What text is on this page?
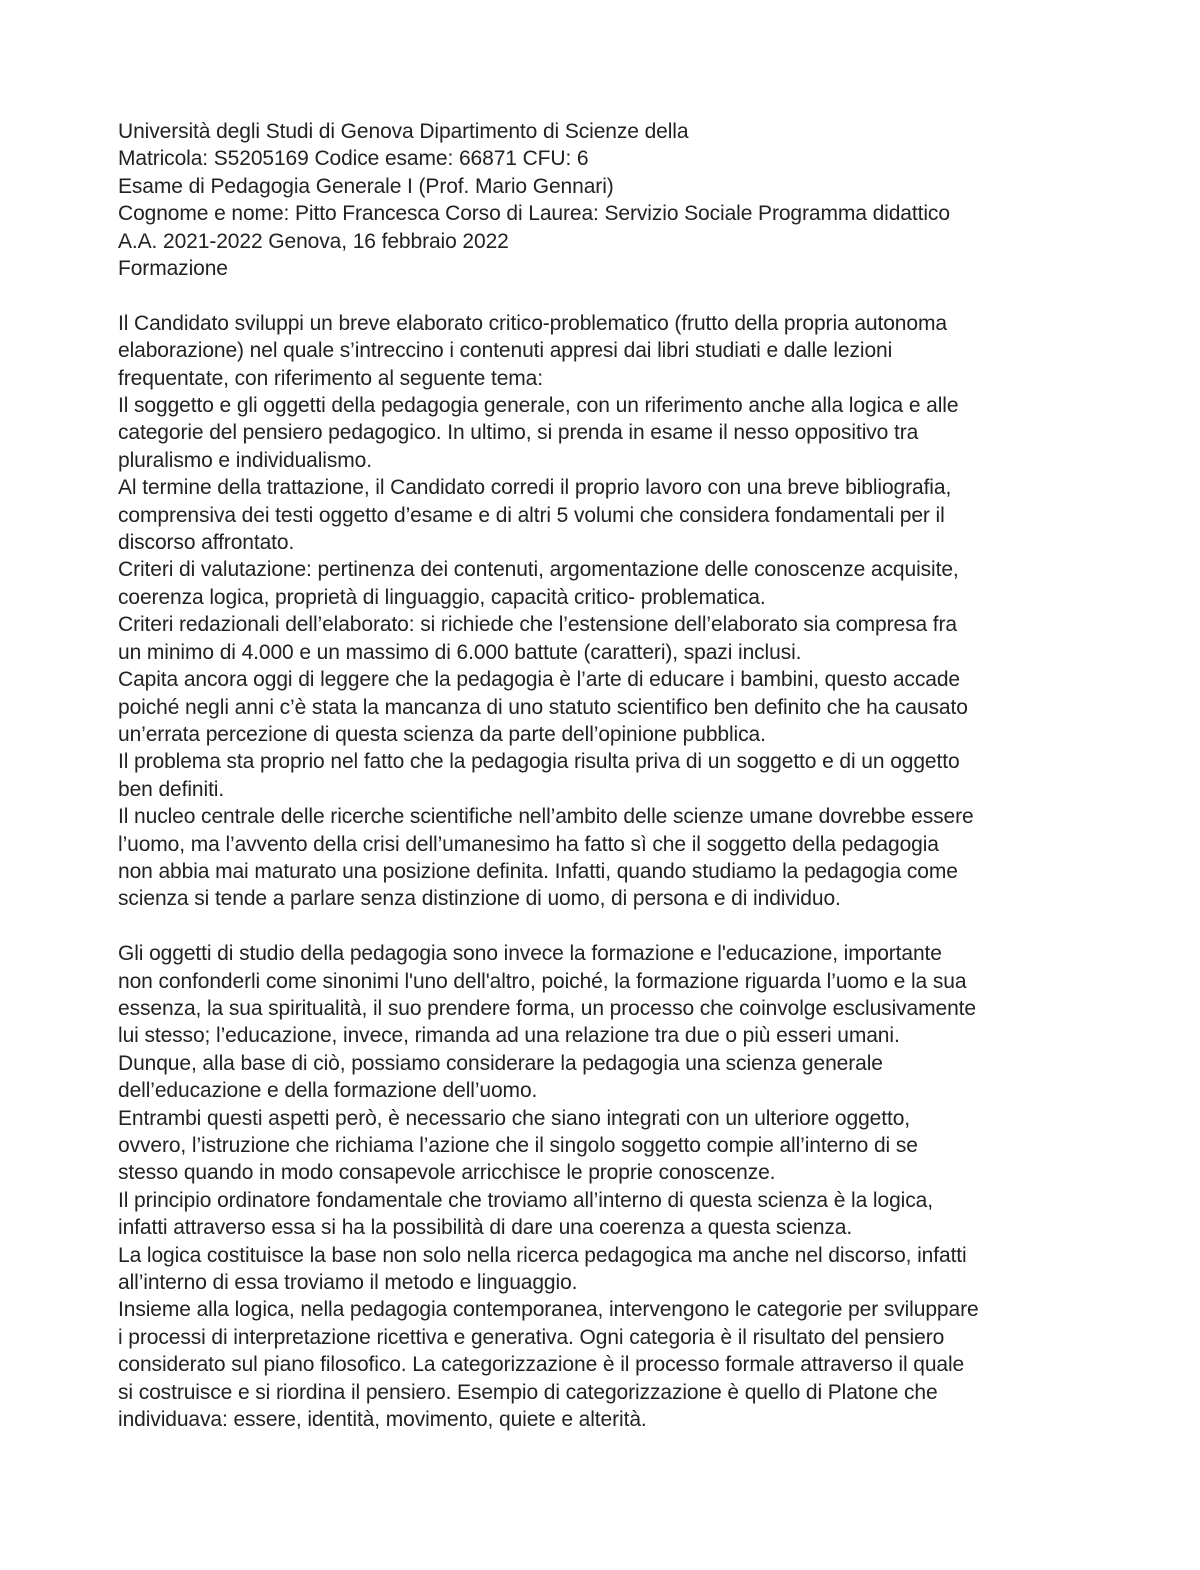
Università degli Studi di Genova Dipartimento di Scienze della
Matricola: S5205169 Codice esame: 66871 CFU: 6
Esame di Pedagogia Generale I (Prof. Mario Gennari)
Cognome e nome: Pitto Francesca Corso di Laurea: Servizio Sociale Programma didattico
A.A. 2021-2022 Genova, 16 febbraio 2022
Formazione
Il Candidato sviluppi un breve elaborato critico-problematico (frutto della propria autonoma
elaborazione) nel quale s’intreccino i contenuti appresi dai libri studiati e dalle lezioni
frequentate, con riferimento al seguente tema:
Il soggetto e gli oggetti della pedagogia generale, con un riferimento anche alla logica e alle
categorie del pensiero pedagogico. In ultimo, si prenda in esame il nesso oppositivo tra
pluralismo e individualismo.
Al termine della trattazione, il Candidato corredi il proprio lavoro con una breve bibliografia,
comprensiva dei testi oggetto d’esame e di altri 5 volumi che considera fondamentali per il
discorso affrontato.
Criteri di valutazione: pertinenza dei contenuti, argomentazione delle conoscenze acquisite,
coerenza logica, proprietà di linguaggio, capacità critico- problematica.
Criteri redazionali dell’elaborato: si richiede che l’estensione dell’elaborato sia compresa fra
un minimo di 4.000 e un massimo di 6.000 battute (caratteri), spazi inclusi.
Capita ancora oggi di leggere che la pedagogia è l’arte di educare i bambini, questo accade
poiché negli anni c’è stata la mancanza di uno statuto scientifico ben definito che ha causato
un’errata percezione di questa scienza da parte dell’opinione pubblica.
Il problema sta proprio nel fatto che la pedagogia risulta priva di un soggetto e di un oggetto
ben definiti.
Il nucleo centrale delle ricerche scientifiche nell’ambito delle scienze umane dovrebbe essere
l’uomo, ma l’avvento della crisi dell’umanesimo ha fatto sì che il soggetto della pedagogia
non abbia mai maturato una posizione definita. Infatti, quando studiamo la pedagogia come
scienza si tende a parlare senza distinzione di uomo, di persona e di individuo.
Gli oggetti di studio della pedagogia sono invece la formazione e l'educazione, importante
non confonderli come sinonimi l'uno dell'altro, poiché, la formazione riguarda l’uomo e la sua
essenza, la sua spiritualità, il suo prendere forma, un processo che coinvolge esclusivamente
lui stesso; l’educazione, invece, rimanda ad una relazione tra due o più esseri umani.
Dunque, alla base di ciò, possiamo considerare la pedagogia una scienza generale
dell’educazione e della formazione dell’uomo.
Entrambi questi aspetti però, è necessario che siano integrati con un ulteriore oggetto,
ovvero, l’istruzione che richiama l’azione che il singolo soggetto compie all’interno di se
stesso quando in modo consapevole arricchisce le proprie conoscenze.
Il principio ordinatore fondamentale che troviamo all’interno di questa scienza è la logica,
infatti attraverso essa si ha la possibilità di dare una coerenza a questa scienza.
La logica costituisce la base non solo nella ricerca pedagogica ma anche nel discorso, infatti
all’interno di essa troviamo il metodo e linguaggio.
Insieme alla logica, nella pedagogia contemporanea, intervengono le categorie per sviluppare
i processi di interpretazione ricettiva e generativa. Ogni categoria è il risultato del pensiero
considerato sul piano filosofico. La categorizzazione è il processo formale attraverso il quale
si costruisce e si riordina il pensiero. Esempio di categorizzazione è quello di Platone che
individuava: essere, identità, movimento, quiete e alterità.
